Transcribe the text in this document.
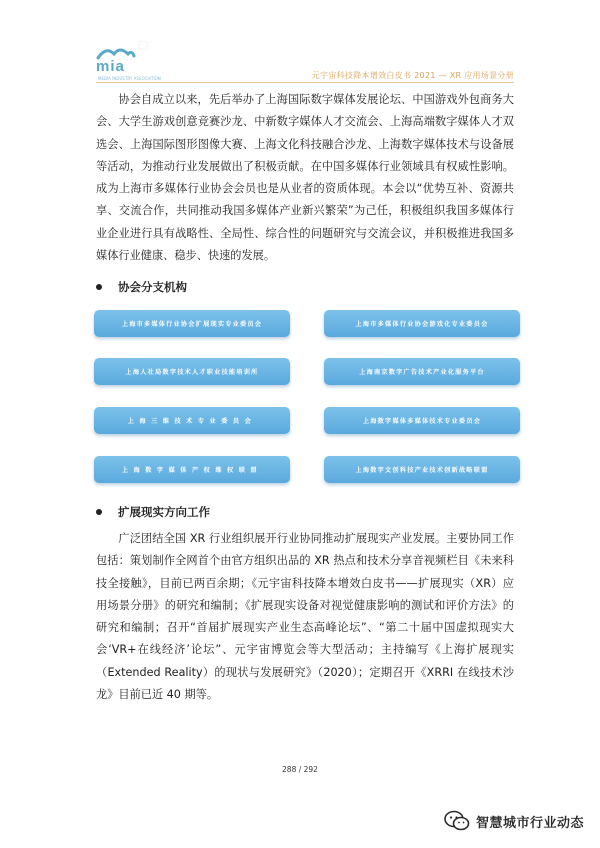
◇ ◇
mia
MEDIA INDUSTRY ASSOCIATION	元宇宙科技降本增效白皮书 2021 — XR 应用场景分册

协会自成立以来，先后举办了上海国际数字媒体发展论坛、中国游戏外包商务大会、大学生游戏创意竞赛沙龙、中新数字媒体人才交流会、上海高端数字媒体人才双选会、上海国际图形图像大赛、上海文化科技融合沙龙、上海数字媒体技术与设备展等活动，为推动行业发展做出了积极贡献。在中国多媒体行业领域具有权威性影响。成为上海市多媒体行业协会会员也是从业者的资质体现。本会以“优势互补、资源共享、交流合作，共同推动我国多媒体产业新兴繁荣”为己任，积极组织我国多媒体行业企业进行具有战略性、全局性、综合性的问题研究与交流会议，并积极推进我国多媒体行业健康、稳步、快速的发展。

协会分支机构
上海市多媒体行业协会扩展现实专业委员会	上海市多媒体行业协会游戏化专业委员会
上海人社局数字技术人才职业技能培训所	上海南京数字广告技术产业化服务平台
上海三维技术专业委员会	上海数字媒体多媒体技术专业委员会
上海数字媒体产权维权联盟	上海数字文创科技产业技术创新战略联盟
扩展现实方向工作

广泛团结全国 XR 行业组织展开行业协同推动扩展现实产业发展。主要协同工作包括：策划制作全网首个由官方组织出品的 XR 热点和技术分享音视频栏目《未来科技全接触》，目前已两百余期；《元宇宙科技降本增效白皮书——扩展现实（XR）应用场景分册》的研究和编制；《扩展现实设备对视觉健康影响的测试和评价方法》的研究和编制；召开“首届扩展现实产业生态高峰论坛”、“第二十届中国虚拟现实大会‘VR+在线经济’论坛”、元宇宙博览会等大型活动；主持编写《上海扩展现实（Extended Reality）的现状与发展研究》（2020）；定期召开《XRRI 在线技术沙龙》目前已近 40 期等。

288 / 292
智慧城市行业动态
